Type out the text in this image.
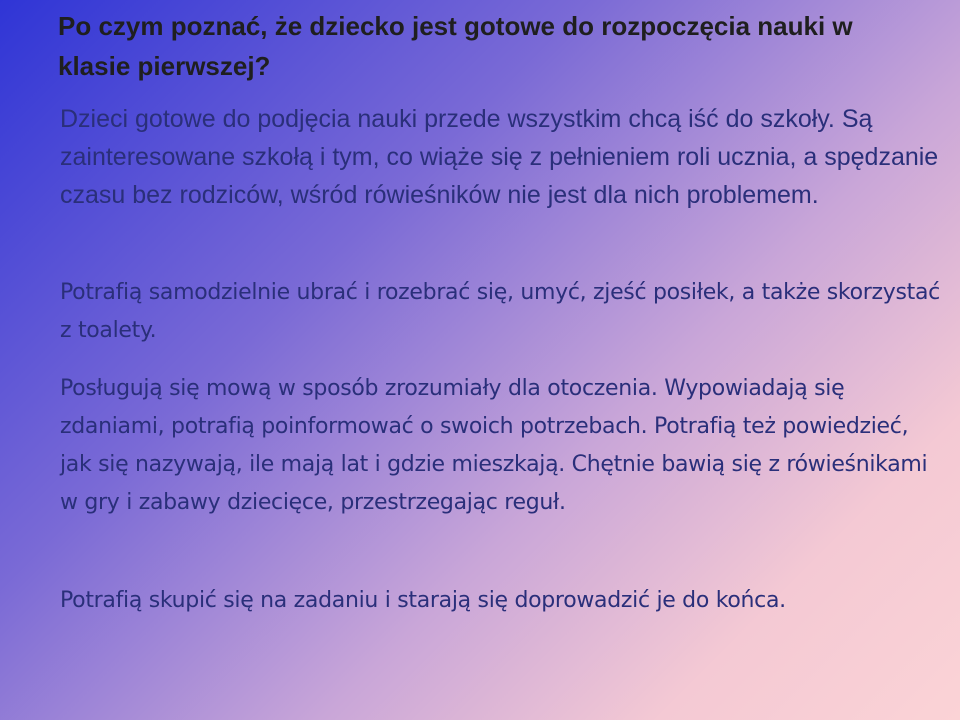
Po czym poznać, że dziecko jest gotowe do rozpoczęcia nauki w klasie pierwszej?

Dzieci gotowe do podjęcia nauki przede wszystkim chcą iść do szkoły. Są zainteresowane szkołą i tym, co wiąże się z pełnieniem roli ucznia, a spędzanie czasu bez rodziców, wśród rówieśników nie jest dla nich problemem.

Potrafią samodzielnie ubrać i rozebrać się, umyć, zjeść posiłek, a także skorzystać z toalety.

Posługują się mową w sposób zrozumiały dla otoczenia. Wypowiadają się zdaniami, potrafią poinformować o swoich potrzebach. Potrafią też powiedzieć, jak się nazywają, ile mają lat i gdzie mieszkają. Chętnie bawią się z rówieśnikami w gry i zabawy dziecięce, przestrzegając reguł.

Potrafią skupić się na zadaniu i starają się doprowadzić je do końca.
